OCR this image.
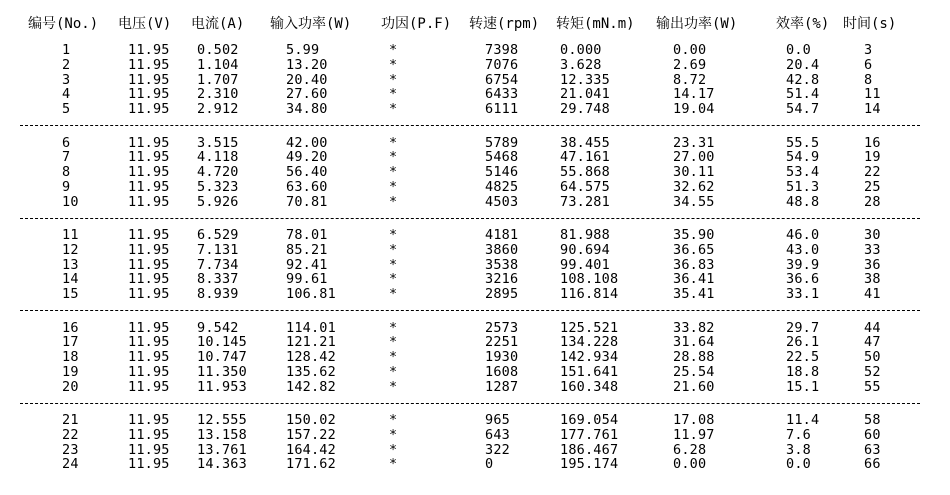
编号(No.) 电压(V) 电流(A) 输入功率(W) 功因(P.F) 转速(rpm) 转矩(mN.m) 输出功率(W)	效率(%) 时间(s)
1	11.95 0.502	5.99	*	7398	0.000	0.00	0.0	3
2	11.95 1.104	13.20	*	7076	3.628	2.69	20.4	6
3	11.95 1.707	20.40	*	6754	12.335	8.72	42.8	8
4	11.95 2.310	27.60	*	6433	21.041	14.17	51.4	11
5	11.95 2.912	34.80	*	6111	29.748	19.04	54.7	14
6	11.95 3.515	42.00	*	5789	38.455	23.31	55.5	16
7	11.95 4.118	49.20	*	5468	47.161	27.00	54.9	19
8	11.95 4.720	56.40	*	5146	55.868	30.11	53.4	22
9	11.95 5.323	63.60	*	4825	64.575	32.62	51.3	25
10	11.95 5.926	70.81	*	4503	73.281	34.55	48.8	28
11	11.95 6.529	78.01	*	4181	81.988	35.90	46.0	30
12	11.95 7.131	85.21	*	3860	90.694	36.65	43.0	33
13	11.95 7.734	92.41	*	3538	99.401	36.83	39.9	36
14	11.95 8.337	99.61	*	3216	108.108	36.41	36.6	38
15	11.95 8.939	106.81	*	2895	116.814	35.41	33.1	41
16	11.95 9.542	114.01	*	2573	125.521	33.82	29.7	44
17	11.95 10.145	121.21	*	2251	134.228	31.64	26.1	47
18	11.95 10.747	128.42	*	1930	142.934	28.88	22.5	50
19	11.95 11.350	135.62	*	1608	151.641	25.54	18.8	52
20	11.95 11.953	142.82	*	1287	160.348	21.60	15.1	55
21	11.95 12.555	150.02	*	965	169.054	17.08	11.4	58
22	11.95 13.158	157.22	*	643	177.761	11.97	7.6	60
23	11.95 13.761	164.42	*	322	186.467	6.28	3.8	63
24	11.95 14.363	171.62	*	0	195.174	0.00	0.0	66
